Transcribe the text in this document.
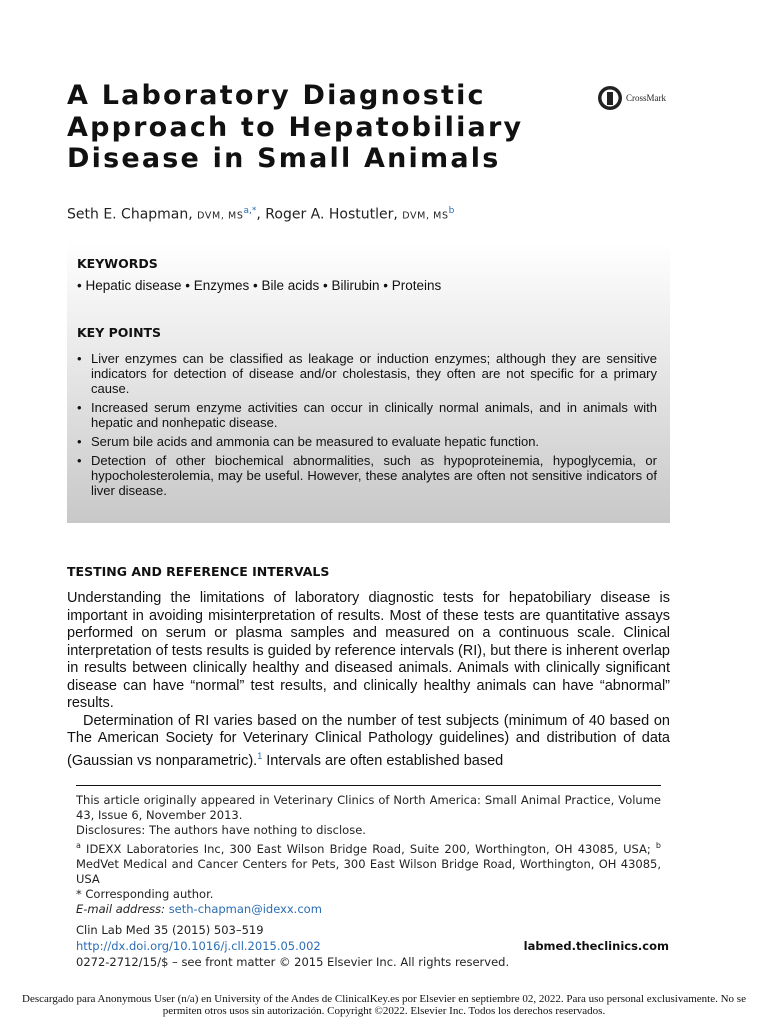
A Laboratory Diagnostic
Approach to Hepatobiliary
Disease in Small Animals
CrossMark
Seth E. Chapman, DVM, $MS^{a,*}$, Roger A. Hostutler, DVM, $MS^b$
KEYWORDS
• Hepatic disease • Enzymes • Bile acids • Bilirubin • Proteins
KEY POINTS
• Liver enzymes can be classified as leakage or induction enzymes; although they are sensitive indicators for detection of disease and/or cholestasis, they often are not specific for a primary cause.
• Increased serum enzyme activities can occur in clinically normal animals, and in animals with hepatic and nonhepatic disease.
• Serum bile acids and ammonia can be measured to evaluate hepatic function.
• Detection of other biochemical abnormalities, such as hypoproteinemia, hypoglycemia, or hypocholesterolemia, may be useful. However, these analytes are often not sensitive indicators of liver disease.
TESTING AND REFERENCE INTERVALS

Understanding the limitations of laboratory diagnostic tests for hepatobiliary disease is important in avoiding misinterpretation of results. Most of these tests are quantitative assays performed on serum or plasma samples and measured on a continuous scale. Clinical interpretation of tests results is guided by reference intervals (RI), but there is inherent overlap in results between clinically healthy and diseased animals. Animals with clinically significant disease can have “normal” test results, and clinically healthy animals can have “abnormal” results.

Determination of RI varies based on the number of test subjects (minimum of 40 based on The American Society for Veterinary Clinical Pathology guidelines) and distribution of data (Gaussian vs nonparametric).$^1$ Intervals are often established based

This article originally appeared in Veterinary Clinics of North America: Small Animal Practice, Volume 43, Issue 6, November 2013.

Disclosures: The authors have nothing to disclose.

$^a$ IDEXX Laboratories Inc, 300 East Wilson Bridge Road, Suite 200, Worthington, OH 43085, USA; $^b$ MedVet Medical and Cancer Centers for Pets, 300 East Wilson Bridge Road, Worthington, OH 43085, USA

* Corresponding author.

E-mail address: seth-chapman@idexx.com

Clin Lab Med 35 (2015) 503–519
http://dx.doi.org/10.1016/j.cll.2015.05.002	labmed.theclinics.com
0272-2712/15/$ – see front matter © 2015 Elsevier Inc. All rights reserved.
Descargado para Anonymous User (n/a) en University of the Andes de ClinicalKey.es por Elsevier en septiembre 02, 2022. Para uso personal exclusivamente. No se permiten otros usos sin autorización. Copyright ©2022. Elsevier Inc. Todos los derechos reservados.
